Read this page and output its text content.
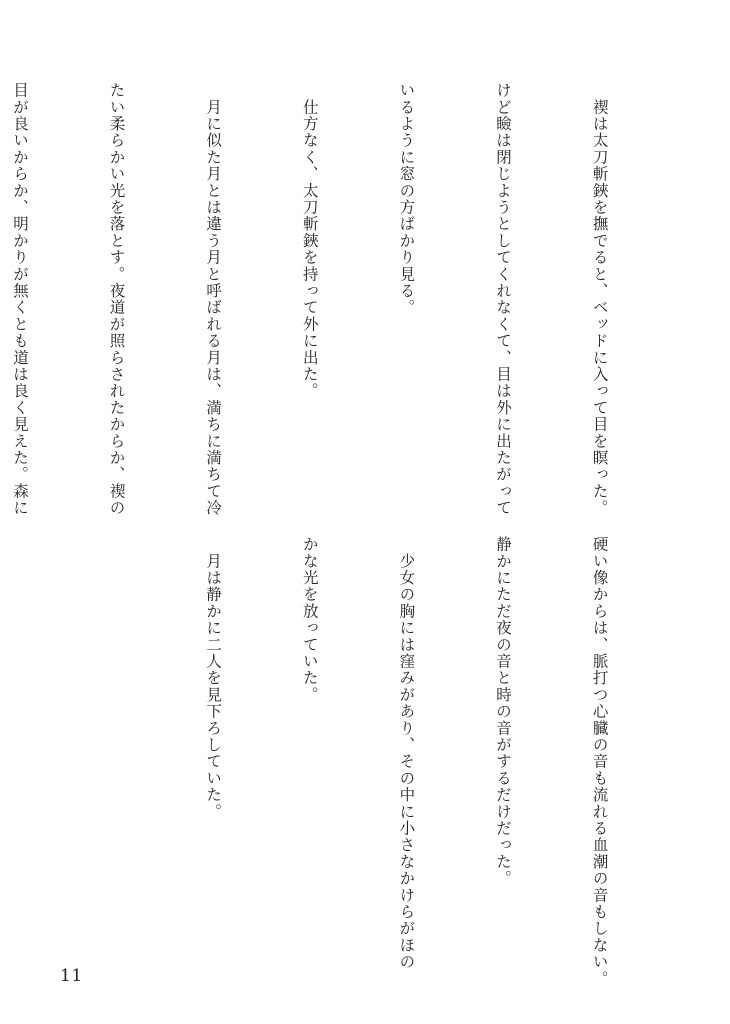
　禊は太刀斬鋏を撫でると、ベッドに入って目を瞑った。

けど瞼は閉じようとしてくれなくて、目は外に出たがって

いるように窓の方ばかり見る。

　仕方なく、太刀斬鋏を持って外に出た。

　月に似た月とは違う月と呼ばれる月は、満ちに満ちて冷

たい柔らかい光を落とす。夜道が照らされたからか、禊の

目が良いからか、明かりが無くとも道は良く見えた。森に

硬い像からは、脈打つ心臓の音も流れる血潮の音もしない。

静かにただ夜の音と時の音がするだけだった。

　少女の胸には窪みがあり、その中に小さなかけらがほの

かな光を放っていた。

　月は静かに二人を見下ろしていた。

11
